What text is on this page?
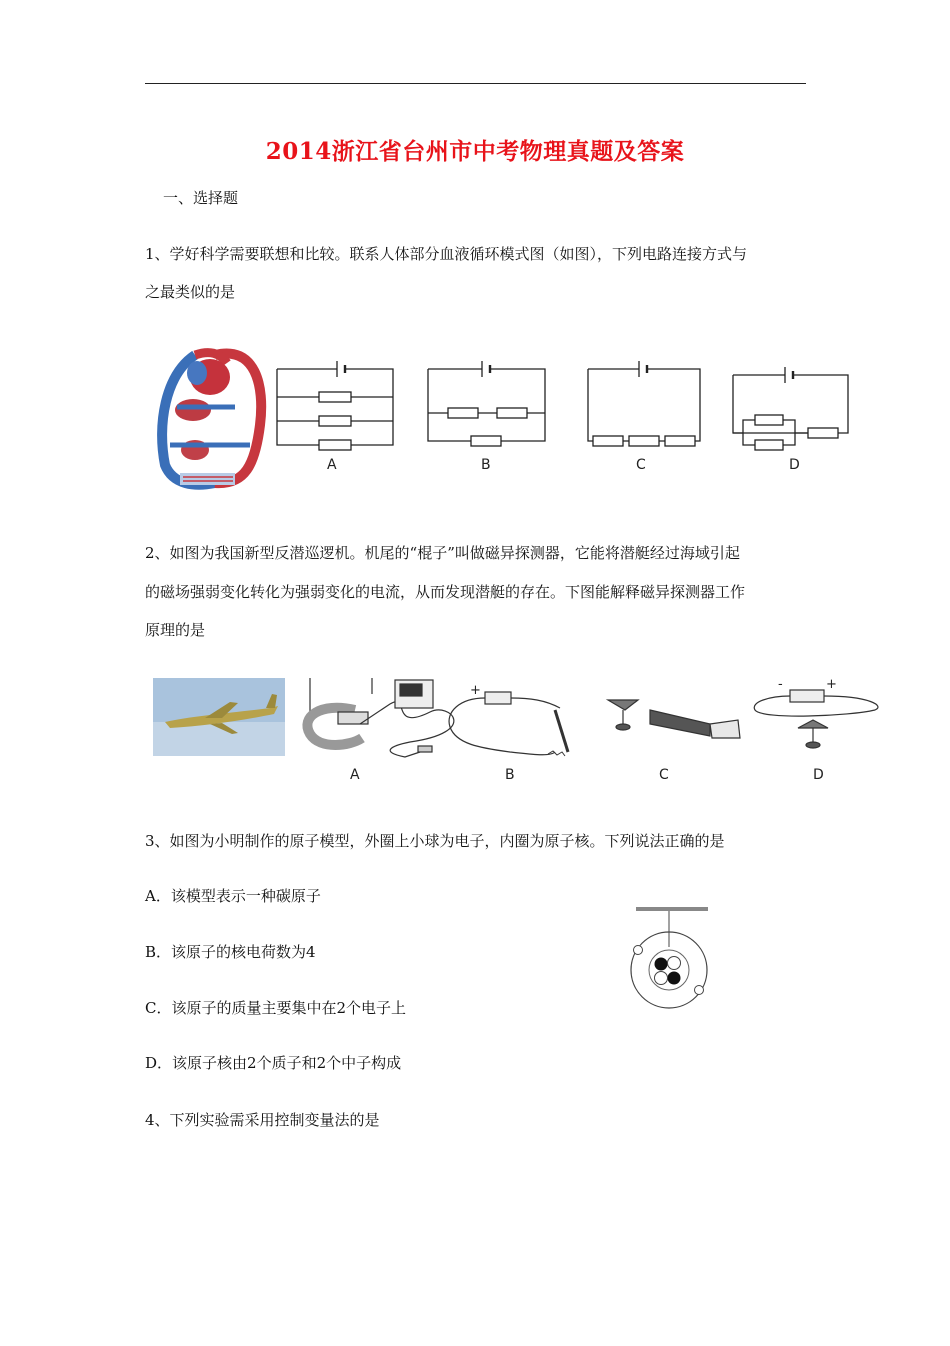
2014浙江省台州市中考物理真题及答案
一、选择题
1、学好科学需要联想和比较。联系人体部分血液循环模式图（如图），下列电路连接方式与
之最类似的是
A	B	C	D
2、如图为我国新型反潜巡逻机。机尾的“棍子”叫做磁异探测器，它能将潜艇经过海域引起
的磁场强弱变化转化为强弱变化的电流，从而发现潜艇的存在。下图能解释磁异探测器工作
原理的是
+	-	+
A	B	C	D
3、如图为小明制作的原子模型，外圈上小球为电子，内圈为原子核。下列说法正确的是
A．该模型表示一种碳原子
B．该原子的核电荷数为4
C．该原子的质量主要集中在2个电子上
D．该原子核由2个质子和2个中子构成
4、下列实验需采用控制变量法的是
